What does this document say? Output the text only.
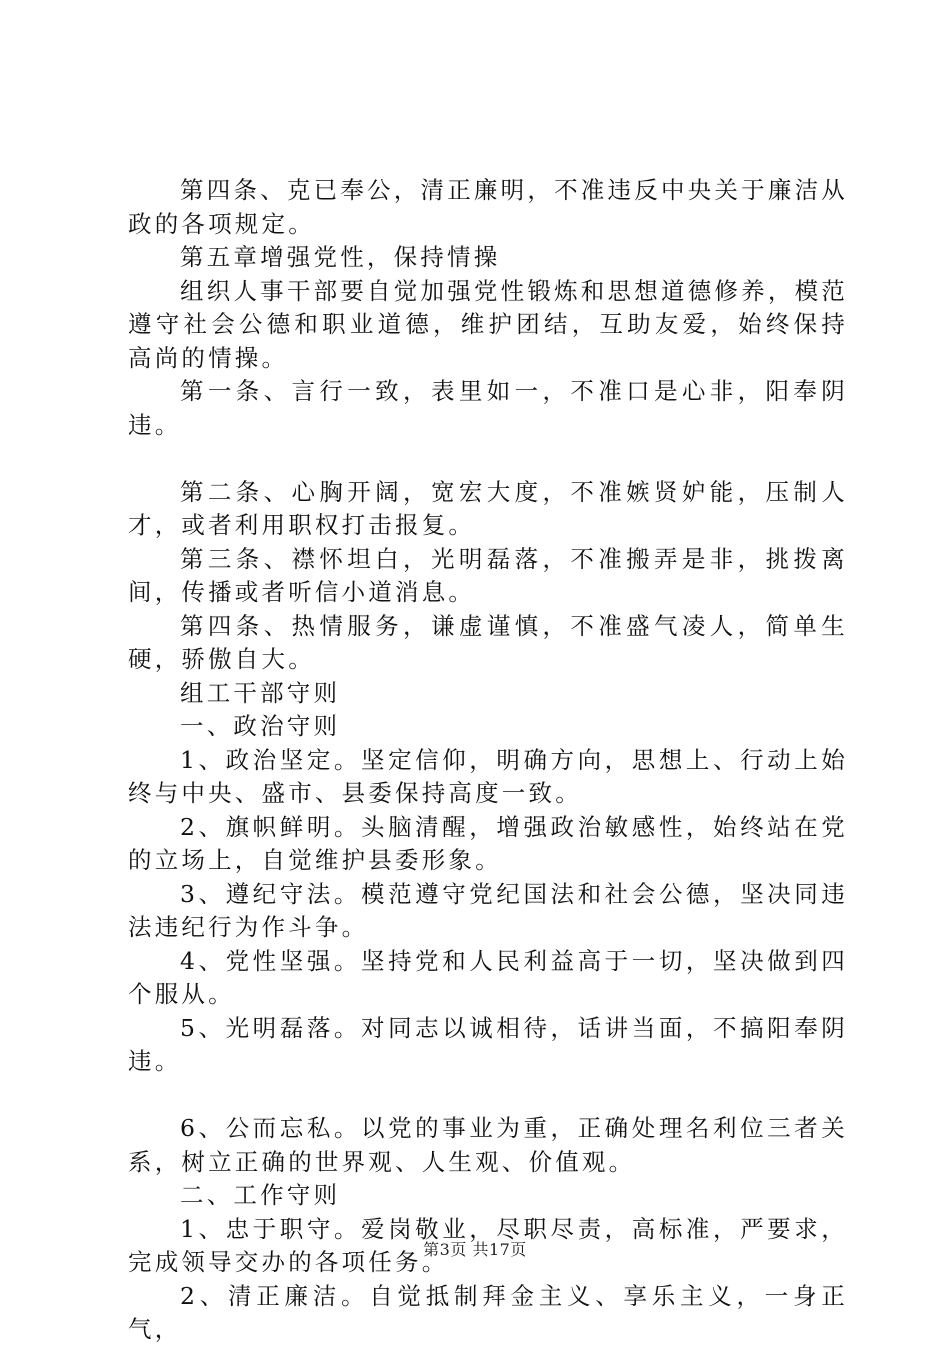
第四条、克已奉公，清正廉明，不准违反中央关于廉洁从政的各项规定。

第五章增强党性，保持情操

组织人事干部要自觉加强党性锻炼和思想道德修养，模范遵守社会公德和职业道德，维护团结，互助友爱，始终保持高尚的情操。

第一条、言行一致，表里如一，不准口是心非，阳奉阴违。

第二条、心胸开阔，宽宏大度，不准嫉贤妒能，压制人才，或者利用职权打击报复。

第三条、襟怀坦白，光明磊落，不准搬弄是非，挑拨离间，传播或者听信小道消息。

第四条、热情服务，谦虚谨慎，不准盛气凌人，简单生硬，骄傲自大。

组工干部守则

一、政治守则

1、政治坚定。坚定信仰，明确方向，思想上、行动上始终与中央、盛市、县委保持高度一致。

2、旗帜鲜明。头脑清醒，增强政治敏感性，始终站在党的立场上，自觉维护县委形象。

3、遵纪守法。模范遵守党纪国法和社会公德，坚决同违法违纪行为作斗争。

4、党性坚强。坚持党和人民利益高于一切，坚决做到四个服从。

5、光明磊落。对同志以诚相待，话讲当面，不搞阳奉阴违。

6、公而忘私。以党的事业为重，正确处理名利位三者关系，树立正确的世界观、人生观、价值观。

二、工作守则

1、忠于职守。爱岗敬业，尽职尽责，高标准，严要求，完成领导交办的各项任务。

2、清正廉洁。自觉抵制拜金主义、享乐主义，一身正气，

第3页 共17页
